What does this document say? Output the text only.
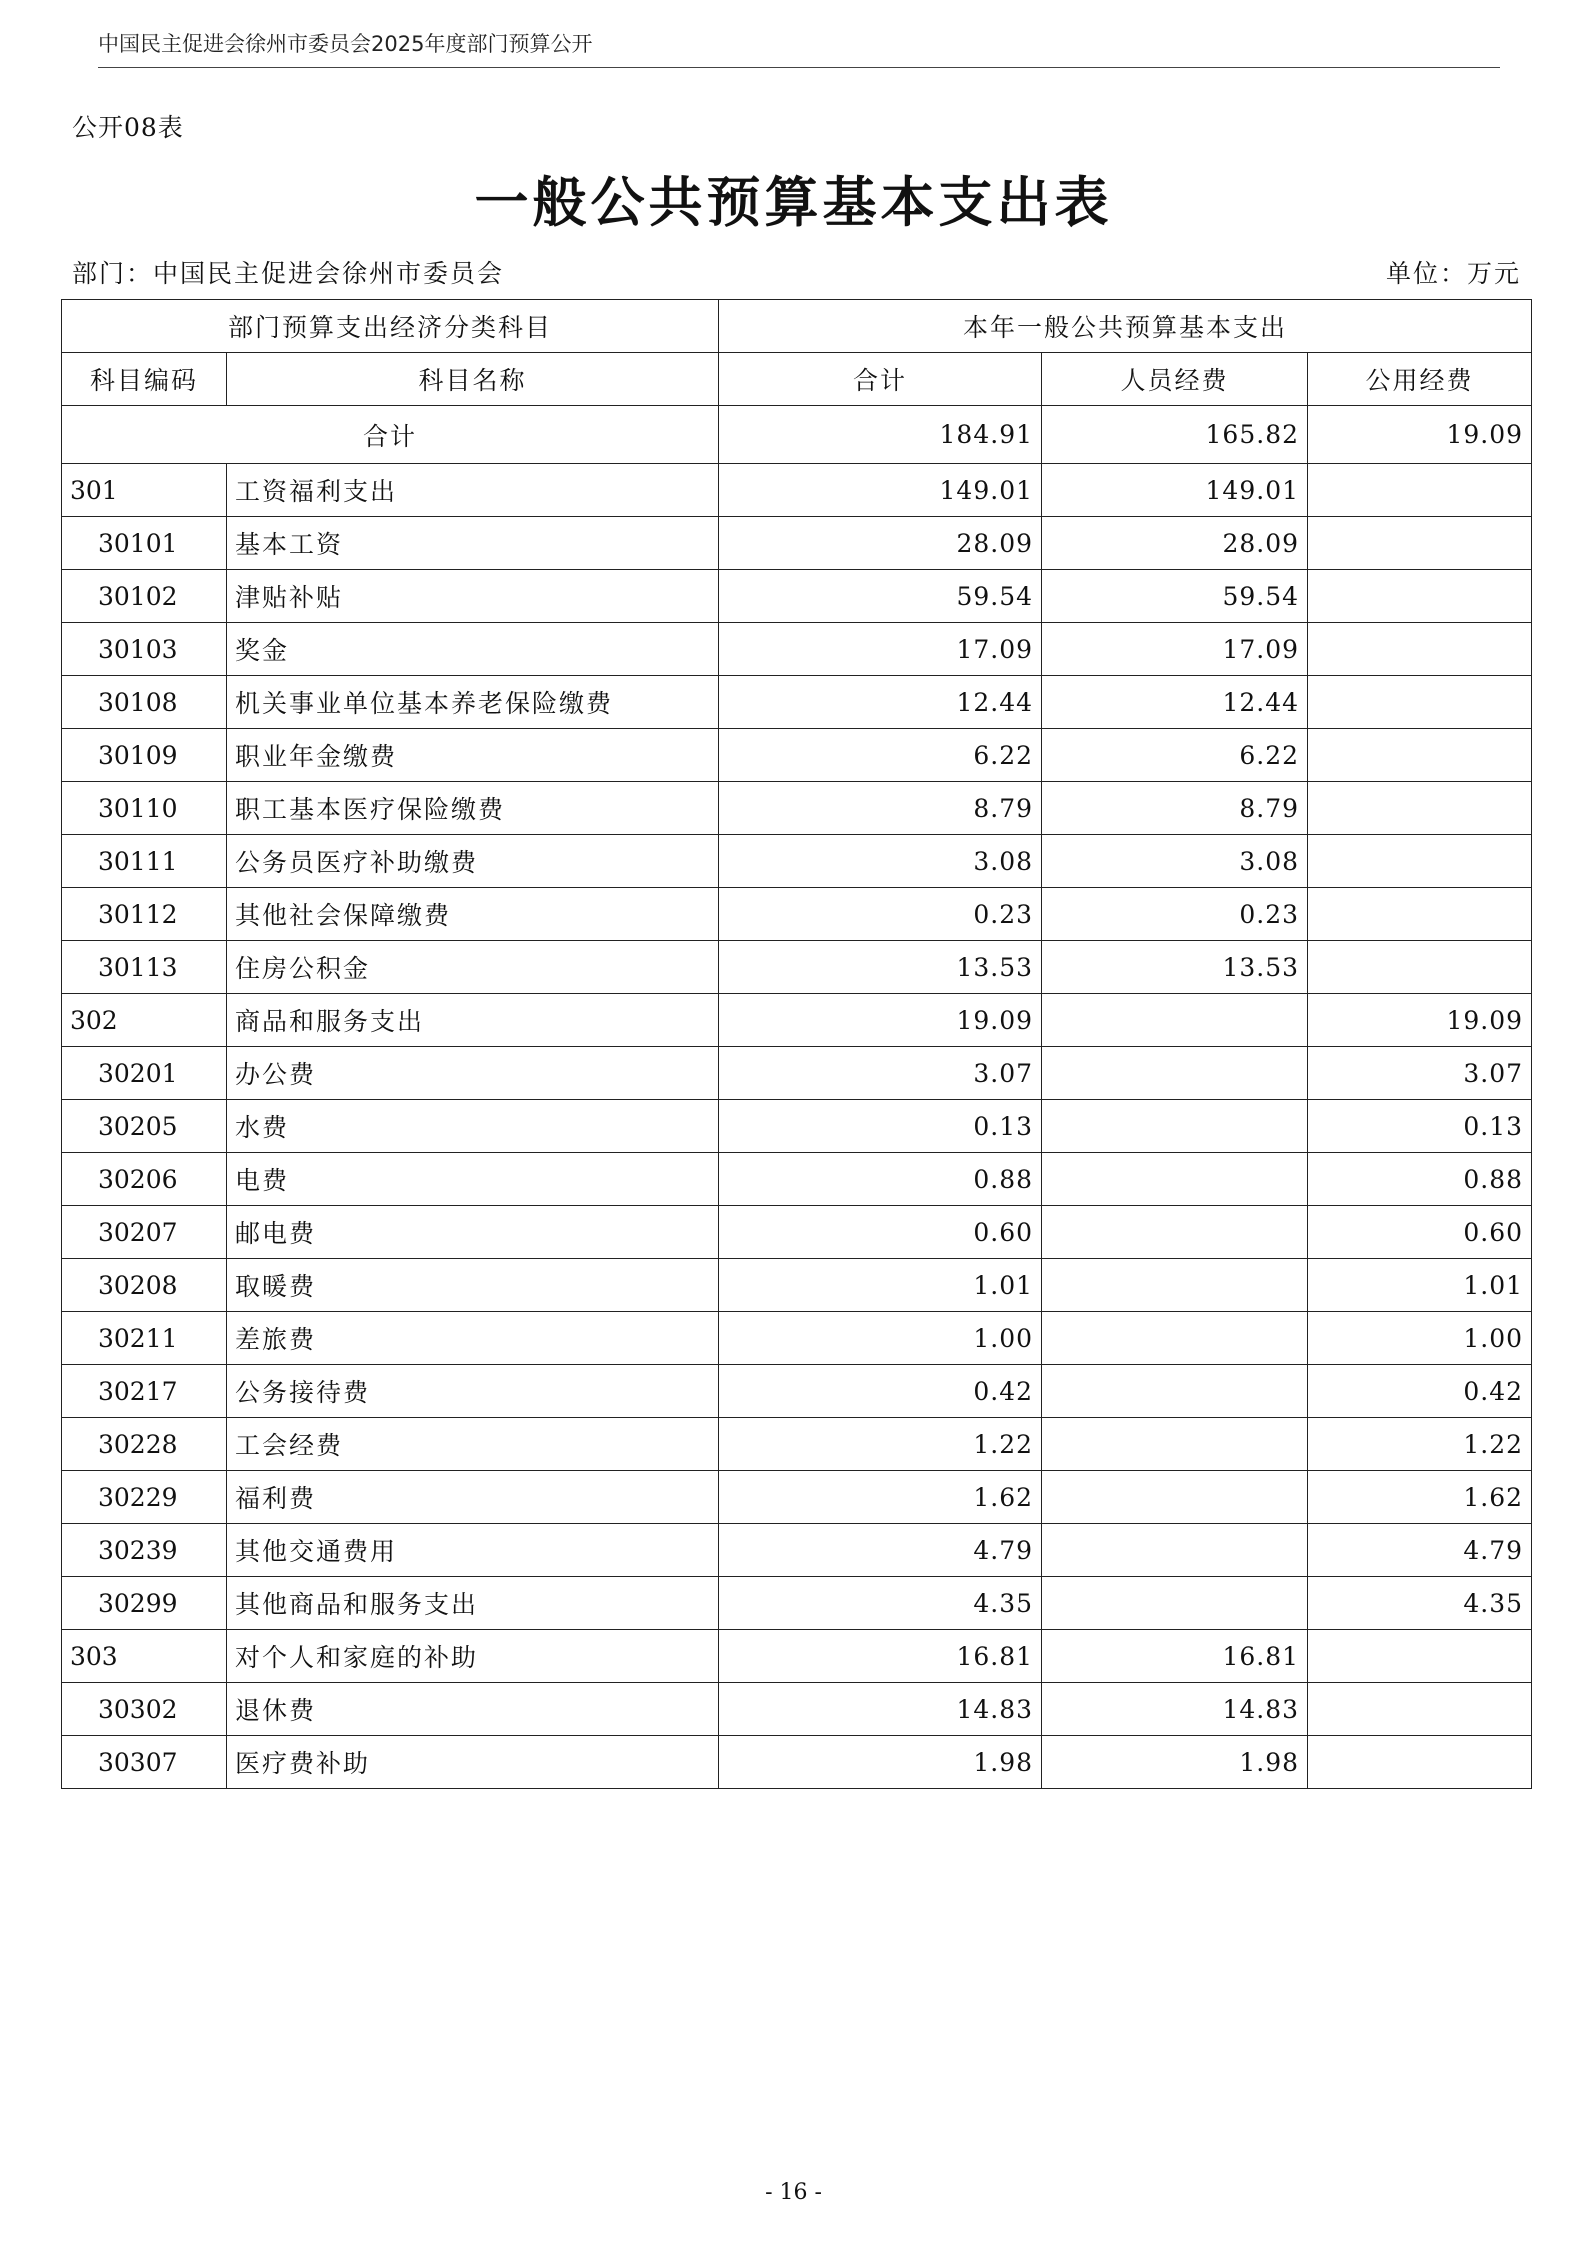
中国民主促进会徐州市委员会2025年度部门预算公开
公开08表
一般公共预算基本支出表
部门：中国民主促进会徐州市委员会	单位：万元
部门预算支出经济分类科目		本年一般公共预算基本支出		
科目编码	科目名称	合计	人员经费	公用经费
合计		184.91	165.82	19.09
301	工资福利支出	149.01	149.01	
30101	基本工资	28.09	28.09	
30102	津贴补贴	59.54	59.54	
30103	奖金	17.09	17.09	
30108	机关事业单位基本养老保险缴费	12.44	12.44	
30109	职业年金缴费	6.22	6.22	
30110	职工基本医疗保险缴费	8.79	8.79	
30111	公务员医疗补助缴费	3.08	3.08	
30112	其他社会保障缴费	0.23	0.23	
30113	住房公积金	13.53	13.53	
302	商品和服务支出	19.09		19.09
30201	办公费	3.07		3.07
30205	水费	0.13		0.13
30206	电费	0.88		0.88
30207	邮电费	0.60		0.60
30208	取暖费	1.01		1.01
30211	差旅费	1.00		1.00
30217	公务接待费	0.42		0.42
30228	工会经费	1.22		1.22
30229	福利费	1.62		1.62
30239	其他交通费用	4.79		4.79
30299	其他商品和服务支出	4.35		4.35
303	对个人和家庭的补助	16.81	16.81	
30302	退休费	14.83	14.83	
30307	医疗费补助	1.98	1.98	
- 16 -
